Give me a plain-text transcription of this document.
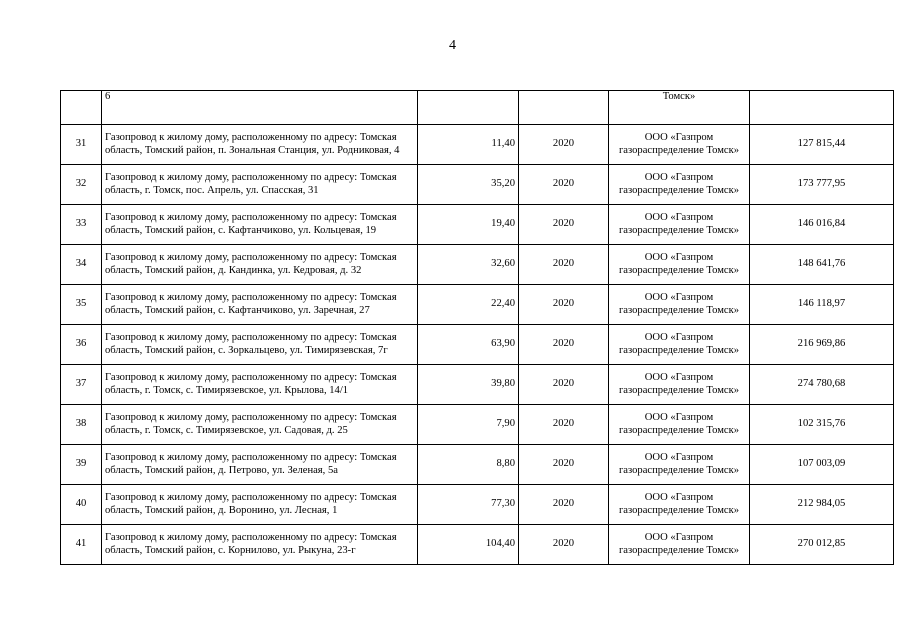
4
	6			Томск»	
31	Газопровод к жилому дому, расположенному по адресу: Томская область, Томский район, п. Зональная Станция, ул. Родниковая, 4	11,40	2020	ООО «Газпром газораспределение Томск»	127 815,44
32	Газопровод к жилому дому, расположенному по адресу: Томская область, г. Томск, пос. Апрель, ул. Спасская, 31	35,20	2020	ООО «Газпром газораспределение Томск»	173 777,95
33	Газопровод к жилому дому, расположенному по адресу: Томская область, Томский район, с. Кафтанчиково, ул. Кольцевая, 19	19,40	2020	ООО «Газпром газораспределение Томск»	146 016,84
34	Газопровод к жилому дому, расположенному по адресу: Томская область, Томский район, д. Кандинка, ул. Кедровая, д. 32	32,60	2020	ООО «Газпром газораспределение Томск»	148 641,76
35	Газопровод к жилому дому, расположенному по адресу: Томская область, Томский район, с. Кафтанчиково, ул. Заречная, 27	22,40	2020	ООО «Газпром газораспределение Томск»	146 118,97
36	Газопровод к жилому дому, расположенному по адресу: Томская область, Томский район, с. Зоркальцево, ул. Тимирязевская, 7г	63,90	2020	ООО «Газпром газораспределение Томск»	216 969,86
37	Газопровод к жилому дому, расположенному по адресу: Томская область, г. Томск, с. Тимирязевское, ул. Крылова, 14/1	39,80	2020	ООО «Газпром газораспределение Томск»	274 780,68
38	Газопровод к жилому дому, расположенному по адресу: Томская область, г. Томск, с. Тимирязевское, ул. Садовая, д. 25	7,90	2020	ООО «Газпром газораспределение Томск»	102 315,76
39	Газопровод к жилому дому, расположенному по адресу: Томская область, Томский район, д. Петрово, ул. Зеленая, 5а	8,80	2020	ООО «Газпром газораспределение Томск»	107 003,09
40	Газопровод к жилому дому, расположенному по адресу: Томская область, Томский район, д. Воронино, ул. Лесная, 1	77,30	2020	ООО «Газпром газораспределение Томск»	212 984,05
41	Газопровод к жилому дому, расположенному по адресу: Томская область, Томский район, с. Корнилово, ул. Рыкуна, 23-г	104,40	2020	ООО «Газпром газораспределение Томск»	270 012,85
